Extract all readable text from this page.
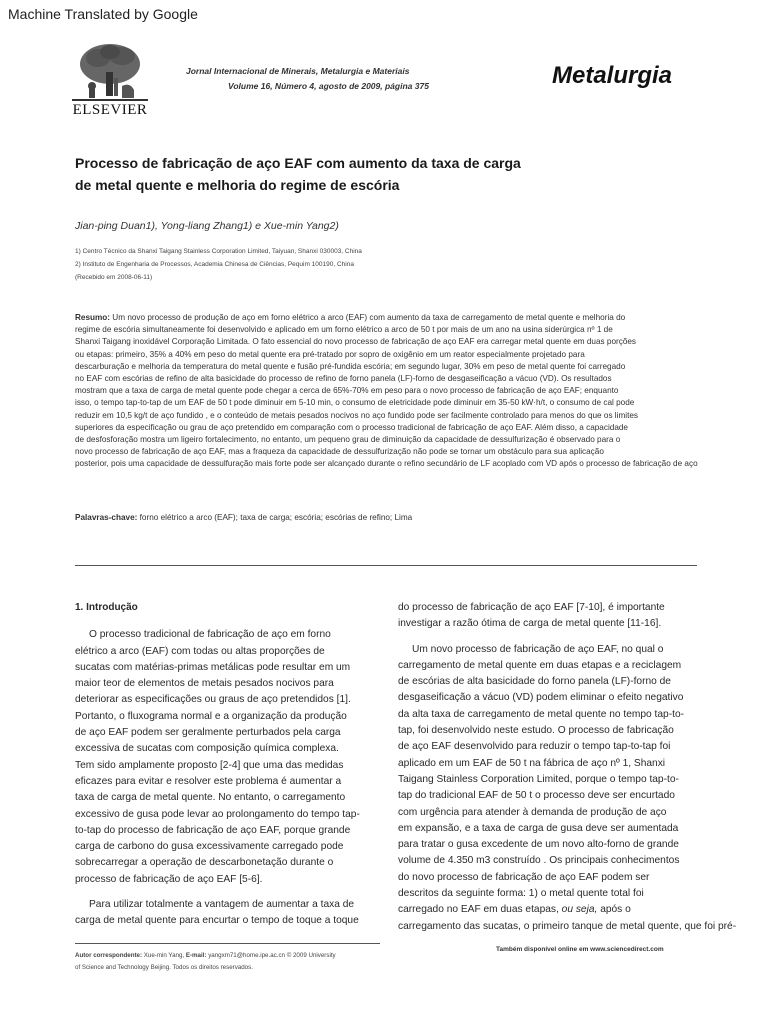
Machine Translated by Google
ELSEVIER
Jornal Internacional de Minerais, Metalurgia e Materiais
Volume 16, Número 4, agosto de 2009, página 375	Metalurgia
Processo de fabricação de aço EAF com aumento da taxa de carga
de metal quente e melhoria do regime de escória
Jian-ping Duan1), Yong-liang Zhang1) e Xue-min Yang2)
1) Centro Técnico da Shanxi Taigang Stainless Corporation Limited, Taiyuan, Shanxi 030003, China
2) Instituto de Engenharia de Processos, Academia Chinesa de Ciências, Pequim 100190, China
(Recebido em 2008-06-11)
Resumo: Um novo processo de produção de aço em forno elétrico a arco (EAF) com aumento da taxa de carregamento de metal quente e melhoria do
regime de escória simultaneamente foi desenvolvido e aplicado em um forno elétrico a arco de 50 t por mais de um ano na usina siderúrgica nº 1 de
Shanxi Taigang inoxidável Corporação Limitada. O fato essencial do novo processo de fabricação de aço EAF era carregar metal quente em duas porções
ou etapas: primeiro, 35% a 40% em peso do metal quente era pré-tratado por sopro de oxigênio em um reator especialmente projetado para
descarburação e melhoria da temperatura do metal quente e fusão pré-fundida escória; em segundo lugar, 30% em peso de metal quente foi carregado
no EAF com escórias de refino de alta basicidade do processo de refino de forno panela (LF)-forno de desgaseificação a vácuo (VD). Os resultados
mostram que a taxa de carga de metal quente pode chegar a cerca de 65%-70% em peso para o novo processo de fabricação de aço EAF; enquanto
isso, o tempo tap-to-tap de um EAF de 50 t pode diminuir em 5-10 min, o consumo de eletricidade pode diminuir em 35-50 kW·h/t, o consumo de cal pode
reduzir em 10,5 kg/t de aço fundido , e o conteúdo de metais pesados nocivos no aço fundido pode ser facilmente controlado para menos do que os limites
superiores da especificação ou grau de aço pretendido em comparação com o processo tradicional de fabricação de aço EAF. Além disso, a capacidade
de desfosforação mostra um ligeiro fortalecimento, no entanto, um pequeno grau de diminuição da capacidade de dessulfurização é observado para o
novo processo de fabricação de aço EAF, mas a fraqueza da capacidade de dessulfurização não pode se tornar um obstáculo para sua aplicação
posterior, pois uma capacidade de dessulfuração mais forte pode ser alcançado durante o refino secundário de LF acoplado com VD após o processo de fabricação de aço
Palavras-chave: forno elétrico a arco (EAF); taxa de carga; escória; escórias de refino; Lima
1. Introdução
O processo tradicional de fabricação de aço em forno
elétrico a arco (EAF) com todas ou altas proporções de
sucatas com matérias-primas metálicas pode resultar em um
maior teor de elementos de metais pesados nocivos para
deteriorar as especificações ou graus de aço pretendidos [1].
Portanto, o fluxograma normal e a organização da produção
de aço EAF podem ser geralmente perturbados pela carga
excessiva de sucatas com composição química complexa.
Tem sido amplamente proposto [2-4] que uma das medidas
eficazes para evitar e resolver este problema é aumentar a
taxa de carga de metal quente. No entanto, o carregamento
excessivo de gusa pode levar ao prolongamento do tempo tap-
to-tap do processo de fabricação de aço EAF, porque grande
carga de carbono do gusa excessivamente carregado pode
sobrecarregar a operação de descarbonetação durante o
processo de fabricação de aço EAF [5-6].
Para utilizar totalmente a vantagem de aumentar a taxa de
carga de metal quente para encurtar o tempo de toque a toque
do processo de fabricação de aço EAF [7-10], é importante
investigar a razão ótima de carga de metal quente [11-16].
Um novo processo de fabricação de aço EAF, no qual o
carregamento de metal quente em duas etapas e a reciclagem
de escórias de alta basicidade do forno panela (LF)-forno de
desgaseificação a vácuo (VD) podem eliminar o efeito negativo
da alta taxa de carregamento de metal quente no tempo tap-to-
tap, foi desenvolvido neste estudo. O processo de fabricação
de aço EAF desenvolvido para reduzir o tempo tap-to-tap foi
aplicado em um EAF de 50 t na fábrica de aço nº 1, Shanxi
Taigang Stainless Corporation Limited, porque o tempo tap-to-
tap do tradicional EAF de 50 t o processo deve ser encurtado
com urgência para atender à demanda de produção de aço
em expansão, e a taxa de carga de gusa deve ser aumentada
para tratar o gusa excedente de um novo alto-forno de grande
volume de 4.350 m3 construído . Os principais conhecimentos
do novo processo de fabricação de aço EAF podem ser
descritos da seguinte forma: 1) o metal quente total foi
carregado no EAF em duas etapas, ou seja, após o
carregamento das sucatas, o primeiro tanque de metal quente, que foi pré-
Autor correspondente: Xue-min Yang, E-mail: yangxm71@home.ipe.ac.cn © 2009 University
of Science and Technology Beijing. Todos os direitos reservados.
Também disponível online em www.sciencedirect.com
